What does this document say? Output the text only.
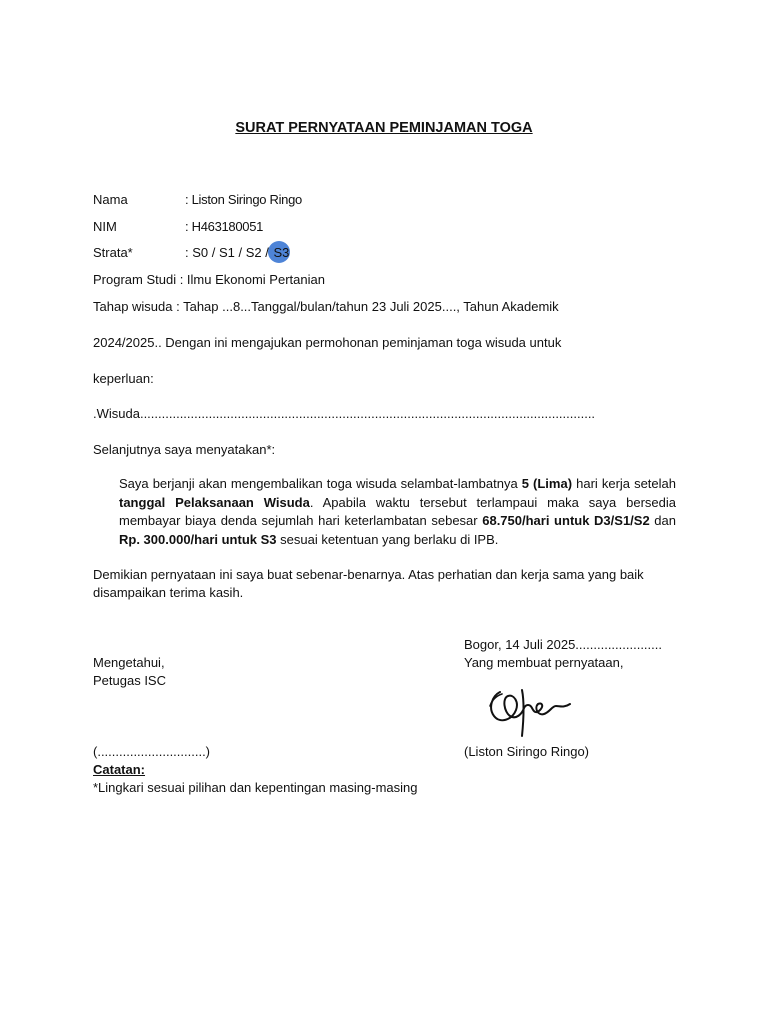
SURAT PERNYATAAN PEMINJAMAN TOGA
Nama	: Liston Siringo Ringo
NIM	: H463180051
Strata*	: S0 / S1 / S2 / S3
Program Studi : Ilmu Ekonomi Pertanian
Tahap wisuda : Tahap ...8...Tanggal/bulan/tahun 23 Juli 2025...., Tahun Akademik
2024/2025.. Dengan ini mengajukan permohonan peminjaman toga wisuda untuk
keperluan:
.Wisuda..............................................................................................................................
Selanjutnya saya menyatakan*:
Saya berjanji akan mengembalikan toga wisuda selambat-lambatnya 5 (Lima) hari kerja setelah tanggal Pelaksanaan Wisuda. Apabila waktu tersebut terlampaui maka saya bersedia membayar biaya denda sejumlah hari keterlambatan sebesar 68.750/hari untuk D3/S1/S2 dan Rp. 300.000/hari untuk S3 sesuai ketentuan yang berlaku di IPB.
Demikian pernyataan ini saya buat sebenar-benarnya. Atas perhatian dan kerja sama yang baik disampaikan terima kasih.
Bogor, 14 Juli 2025........................
Yang membuat pernyataan,
Mengetahui,
Petugas ISC
(..............................)	(Liston Siringo Ringo)
Catatan:
*Lingkari sesuai pilihan dan kepentingan masing-masing
